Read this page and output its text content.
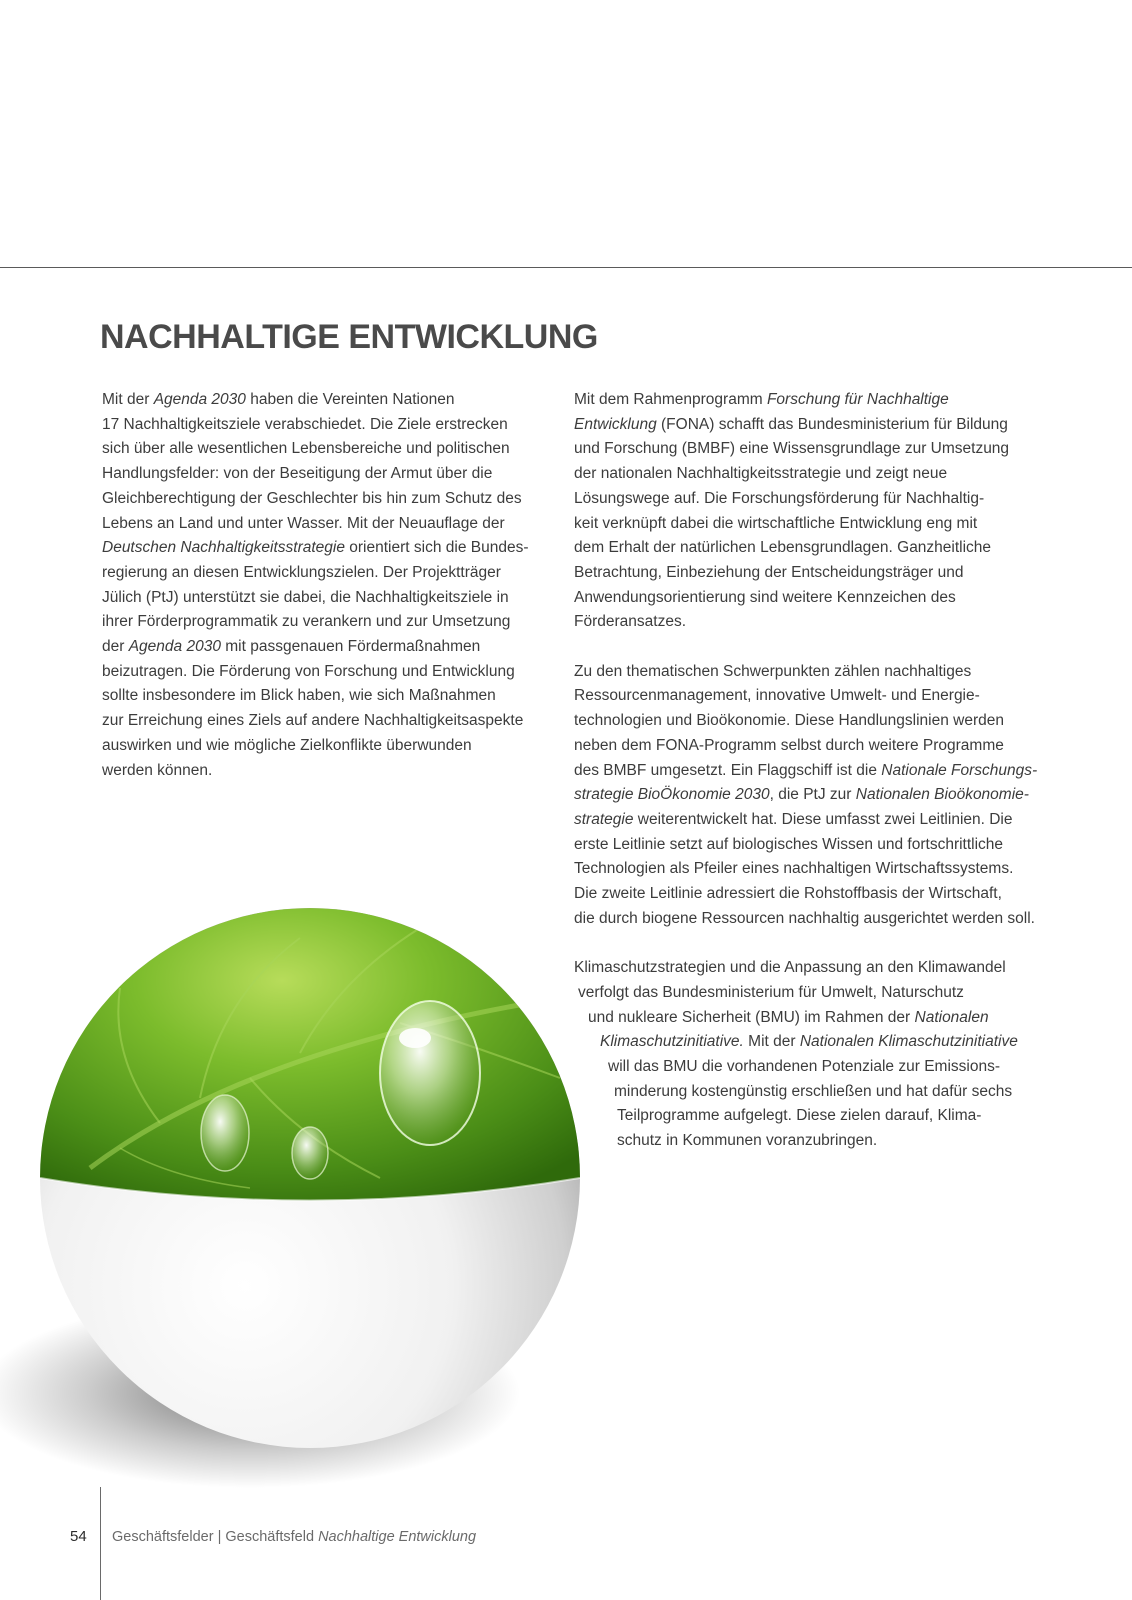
NACHHALTIGE ENTWICKLUNG
Mit der Agenda 2030 haben die Vereinten Nationen
17 Nachhaltigkeitsziele verabschiedet. Die Ziele erstrecken
sich über alle wesentlichen Lebensbereiche und politischen
Handlungsfelder: von der Beseitigung der Armut über die
Gleichberechtigung der Geschlechter bis hin zum Schutz des
Lebens an Land und unter Wasser. Mit der Neuauflage der
Deutschen Nachhaltigkeitsstrategie orientiert sich die Bundes-
regierung an diesen Entwicklungszielen. Der Projektträger
Jülich (PtJ) unterstützt sie dabei, die Nachhaltigkeitsziele in
ihrer Förderprogrammatik zu verankern und zur Umsetzung
der Agenda 2030 mit passgenauen Fördermaßnahmen
beizutragen. Die Förderung von Forschung und Entwicklung
sollte insbesondere im Blick haben, wie sich Maßnahmen
zur Erreichung eines Ziels auf andere Nachhaltigkeitsaspekte
auswirken und wie mögliche Zielkonflikte überwunden
werden können.
Mit dem Rahmenprogramm Forschung für Nachhaltige
Entwicklung (FONA) schafft das Bundesministerium für Bildung
und Forschung (BMBF) eine Wissensgrundlage zur Umsetzung
der nationalen Nachhaltigkeitsstrategie und zeigt neue
Lösungswege auf. Die Forschungsförderung für Nachhaltig-
keit verknüpft dabei die wirtschaftliche Entwicklung eng mit
dem Erhalt der natürlichen Lebensgrundlagen. Ganzheitliche
Betrachtung, Einbeziehung der Entscheidungsträger und
Anwendungsorientierung sind weitere Kennzeichen des
Förderansatzes.
Zu den thematischen Schwerpunkten zählen nachhaltiges
Ressourcenmanagement, innovative Umwelt- und Energie-
technologien und Bioökonomie. Diese Handlungslinien werden
neben dem FONA-Programm selbst durch weitere Programme
des BMBF umgesetzt. Ein Flaggschiff ist die Nationale Forschungs-
strategie BioÖkonomie 2030, die PtJ zur Nationalen Bioökonomie-
strategie weiterentwickelt hat. Diese umfasst zwei Leitlinien. Die
erste Leitlinie setzt auf biologisches Wissen und fortschrittliche
Technologien als Pfeiler eines nachhaltigen Wirtschaftssystems.
Die zweite Leitlinie adressiert die Rohstoffbasis der Wirtschaft,
die durch biogene Ressourcen nachhaltig ausgerichtet werden soll.
Klimaschutzstrategien und die Anpassung an den Klimawandel
verfolgt das Bundesministerium für Umwelt, Naturschutz
und nukleare Sicherheit (BMU) im Rahmen der Nationalen
Klimaschutzinitiative. Mit der Nationalen Klimaschutzinitiative
will das BMU die vorhandenen Potenziale zur Emissions-
minderung kostengünstig erschließen und hat dafür sechs
Teilprogramme aufgelegt. Diese zielen darauf, Klima-
schutz in Kommunen voranzubringen.
54 Geschäftsfelder | Geschäftsfeld Nachhaltige Entwicklung
